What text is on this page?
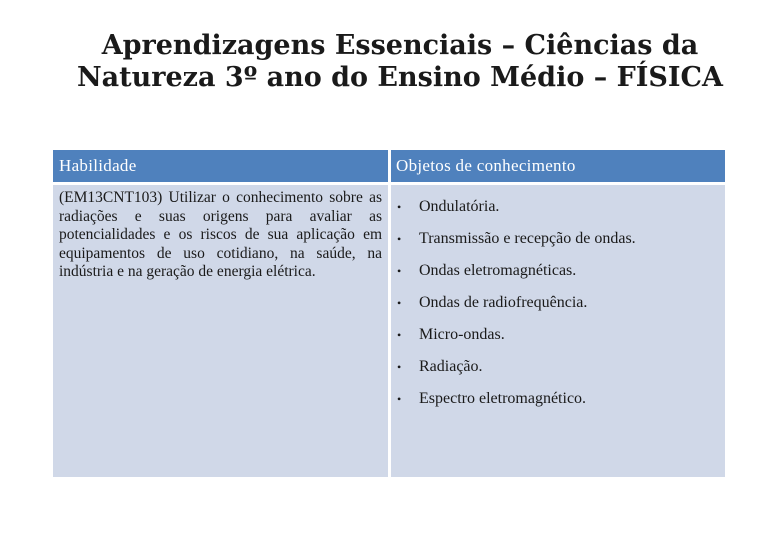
Aprendizagens Essenciais – Ciências da Natureza 3º ano do Ensino Médio – FÍSICA
Habilidade	Objetos de conhecimento

(EM13CNT103) Utilizar o conhecimento sobre as radiações e suas origens para avaliar as potencialidades e os riscos de sua aplicação em equipamentos de uso cotidiano, na saúde, na indústria e na geração de energia elétrica.

•	Ondulatória.
•	Transmissão e recepção de ondas.
•	Ondas eletromagnéticas.
•	Ondas de radiofrequência.
•	Micro-ondas.
•	Radiação.
•	Espectro eletromagnético.
